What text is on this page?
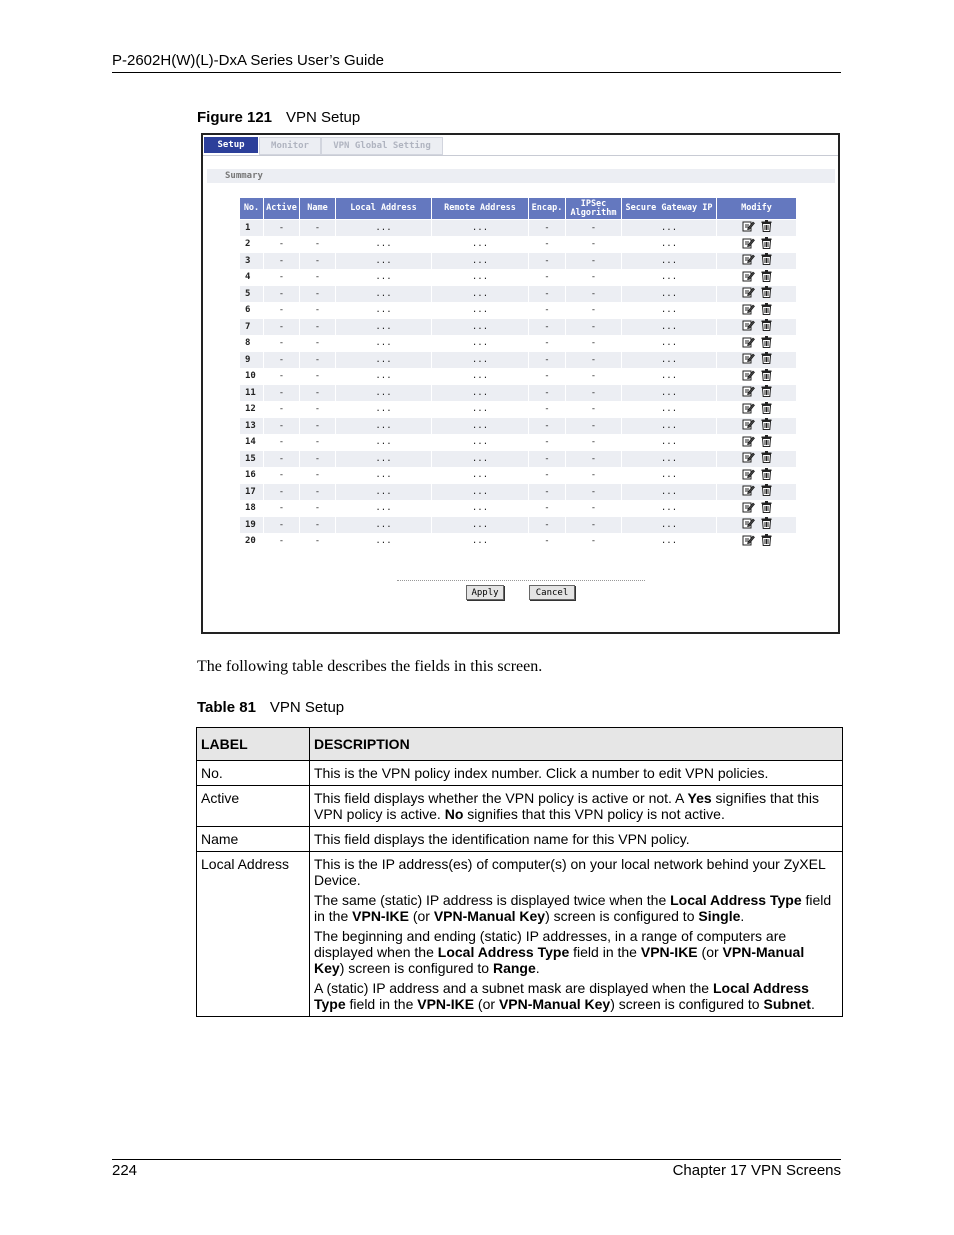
P-2602H(W)(L)-DxA Series User’s Guide
Figure 121 VPN Setup
Setup	Monitor	VPN Global Setting
Summary
No.	Active	Name	Local Address	Remote Address	Encap.	IPSec Algorithm	Secure Gateway IP	Modify
1	-	-	...	...	-	-	...	
2	-	-	...	...	-	-	...	
3	-	-	...	...	-	-	...	
4	-	-	...	...	-	-	...	
5	-	-	...	...	-	-	...	
6	-	-	...	...	-	-	...	
7	-	-	...	...	-	-	...	
8	-	-	...	...	-	-	...	
9	-	-	...	...	-	-	...	
10	-	-	...	...	-	-	...	
11	-	-	...	...	-	-	...	
12	-	-	...	...	-	-	...	
13	-	-	...	...	-	-	...	
14	-	-	...	...	-	-	...	
15	-	-	...	...	-	-	...	
16	-	-	...	...	-	-	...	
17	-	-	...	...	-	-	...	
18	-	-	...	...	-	-	...	
19	-	-	...	...	-	-	...	
20	-	-	...	...	-	-	...	
Apply	Cancel
The following table describes the fields in this screen.
Table 81 VPN Setup
LABEL	DESCRIPTION
No.	This is the VPN policy index number. Click a number to edit VPN policies.
Active	This field displays whether the VPN policy is active or not. A Yes signifies that this VPN policy is active. No signifies that this VPN policy is not active.
Name	This field displays the identification name for this VPN policy.
Local Address	This is the IP address(es) of computer(s) on your local network behind your ZyXEL Device.

The same (static) IP address is displayed twice when the Local Address Type field in the VPN-IKE (or VPN-Manual Key) screen is configured to Single.

The beginning and ending (static) IP addresses, in a range of computers are displayed when the Local Address Type field in the VPN-IKE (or VPN-Manual Key) screen is configured to Range.

A (static) IP address and a subnet mask are displayed when the Local Address Type field in the VPN-IKE (or VPN-Manual Key) screen is configured to Subnet.

224	Chapter 17 VPN Screens
